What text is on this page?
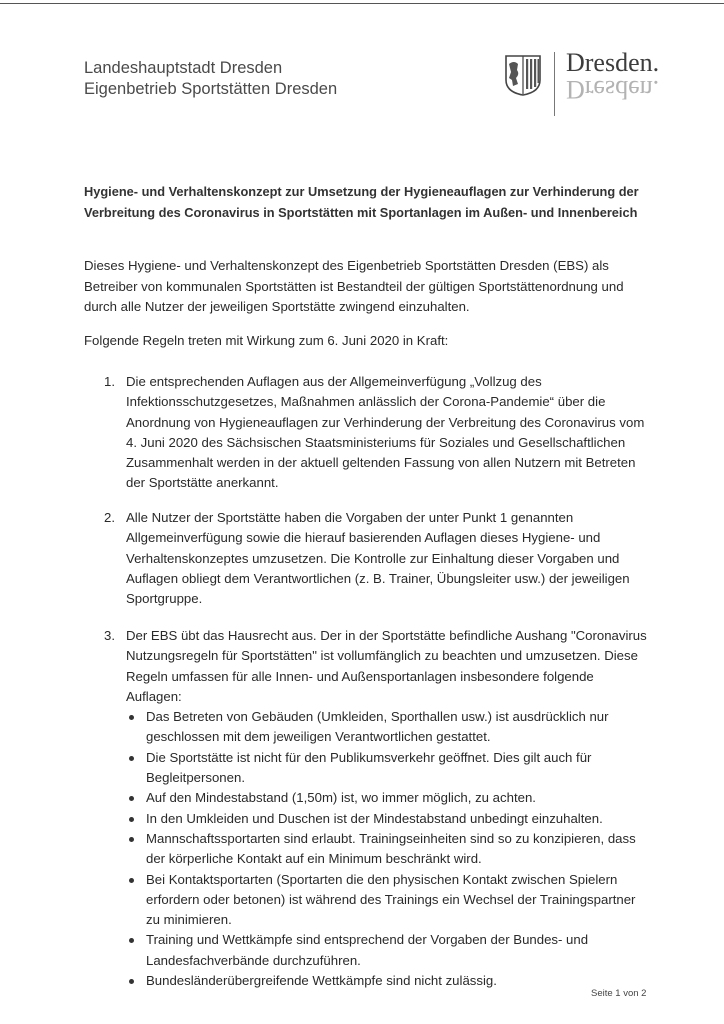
Landeshauptstadt Dresden
Eigenbetrieb Sportstätten Dresden
Dresden.
Dresden.
Hygiene- und Verhaltenskonzept zur Umsetzung der Hygieneauflagen zur Verhinderung der Verbreitung des Coronavirus in Sportstätten mit Sportanlagen im Außen- und Innenbereich
Dieses Hygiene- und Verhaltenskonzept des Eigenbetrieb Sportstätten Dresden (EBS) als Betreiber von kommunalen Sportstätten ist Bestandteil der gültigen Sportstättenordnung und durch alle Nutzer der jeweiligen Sportstätte zwingend einzuhalten.
Folgende Regeln treten mit Wirkung zum 6. Juni 2020 in Kraft:
1. Die entsprechenden Auflagen aus der Allgemeinverfügung „Vollzug des Infektionsschutzgesetzes, Maßnahmen anlässlich der Corona-Pandemie“ über die Anordnung von Hygieneauflagen zur Verhinderung der Verbreitung des Coronavirus vom 4. Juni 2020 des Sächsischen Staatsministeriums für Soziales und Gesellschaftlichen Zusammenhalt werden in der aktuell geltenden Fassung von allen Nutzern mit Betreten der Sportstätte anerkannt.
2. Alle Nutzer der Sportstätte haben die Vorgaben der unter Punkt 1 genannten Allgemeinverfügung sowie die hierauf basierenden Auflagen dieses Hygiene- und Verhaltenskonzeptes umzusetzen. Die Kontrolle zur Einhaltung dieser Vorgaben und Auflagen obliegt dem Verantwortlichen (z. B. Trainer, Übungsleiter usw.) der jeweiligen Sportgruppe.
3. Der EBS übt das Hausrecht aus. Der in der Sportstätte befindliche Aushang "Coronavirus Nutzungsregeln für Sportstätten" ist vollumfänglich zu beachten und umzusetzen. Diese Regeln umfassen für alle Innen- und Außensportanlagen insbesondere folgende Auflagen:
Das Betreten von Gebäuden (Umkleiden, Sporthallen usw.) ist ausdrücklich nur geschlossen mit dem jeweiligen Verantwortlichen gestattet.
Die Sportstätte ist nicht für den Publikumsverkehr geöffnet. Dies gilt auch für Begleitpersonen.
Auf den Mindestabstand (1,50m) ist, wo immer möglich, zu achten.
In den Umkleiden und Duschen ist der Mindestabstand unbedingt einzuhalten.
Mannschaftssportarten sind erlaubt. Trainingseinheiten sind so zu konzipieren, dass der körperliche Kontakt auf ein Minimum beschränkt wird.
Bei Kontaktsportarten (Sportarten die den physischen Kontakt zwischen Spielern erfordern oder betonen) ist während des Trainings ein Wechsel der Trainingspartner zu minimieren.
Training und Wettkämpfe sind entsprechend der Vorgaben der Bundes- und Landesfachverbände durchzuführen.
Bundesländerübergreifende Wettkämpfe sind nicht zulässig.
Seite 1 von 2
